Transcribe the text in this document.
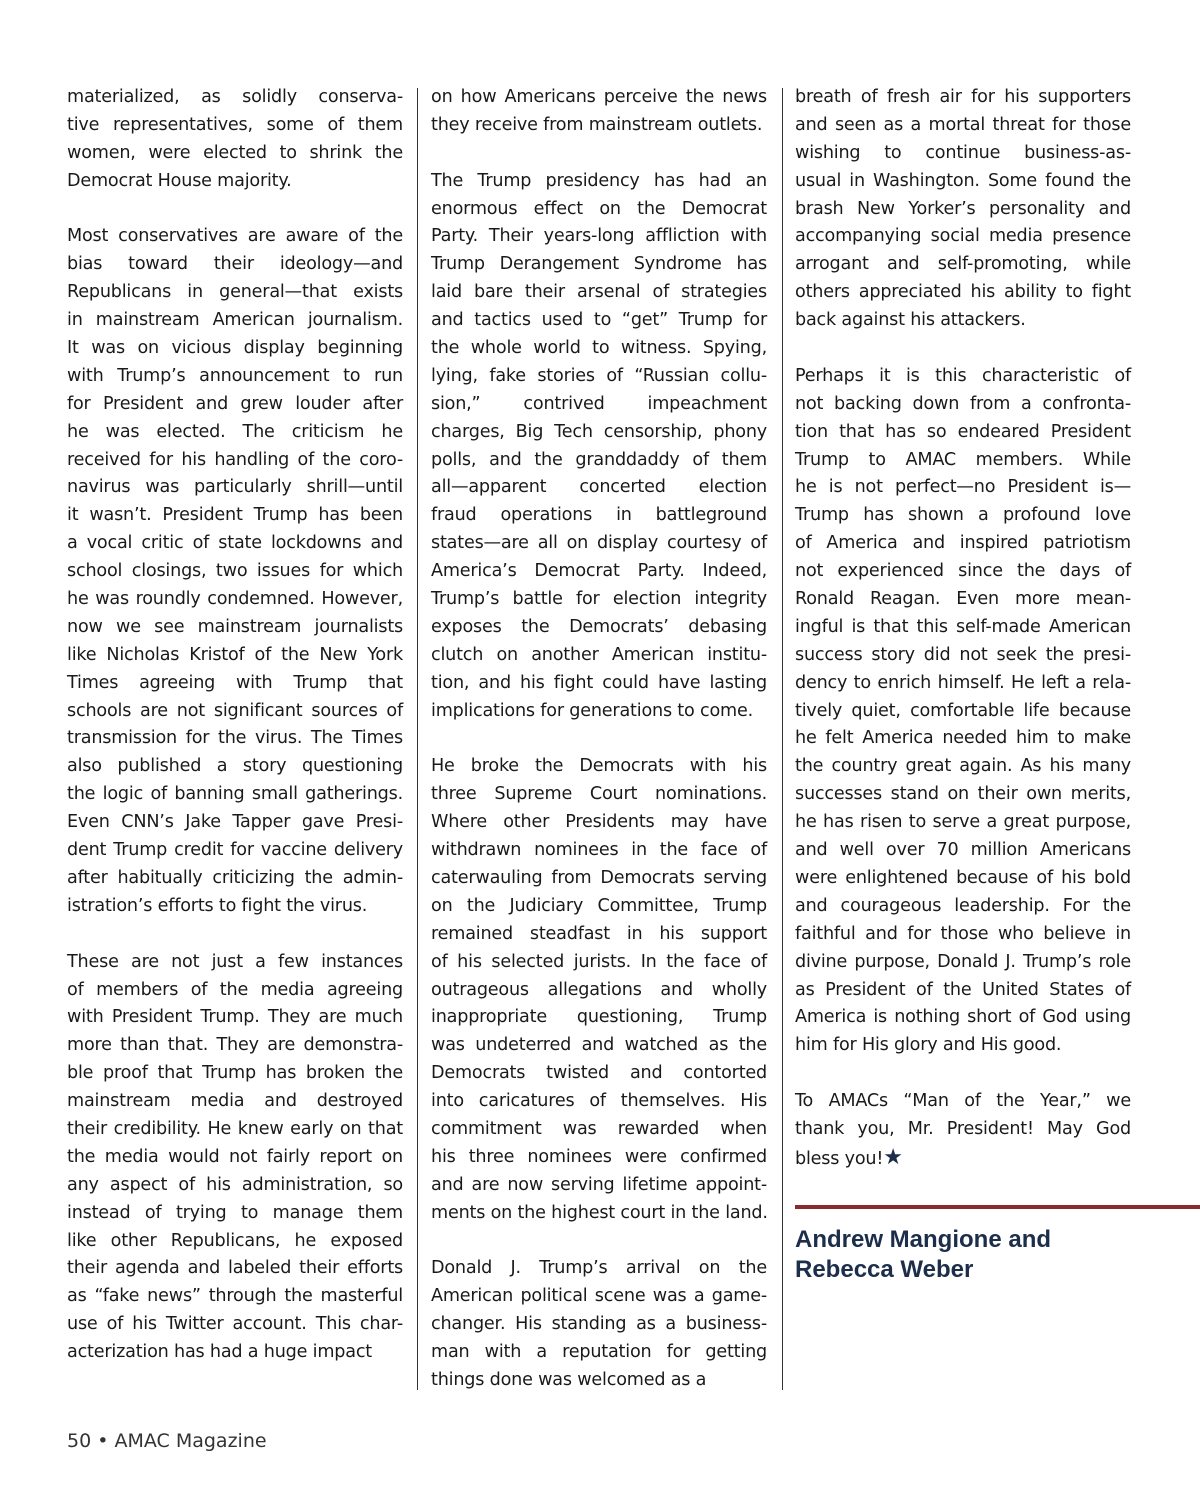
materialized, as solidly conserva-
tive representatives, some of them
women, were elected to shrink the
Democrat House majority.
Most conservatives are aware of the
bias toward their ideology—and
Republicans in general—that exists
in mainstream American journalism.
It was on vicious display beginning
with Trump’s announcement to run
for President and grew louder after
he was elected. The criticism he
received for his handling of the coro-
navirus was particularly shrill—until
it wasn’t. President Trump has been
a vocal critic of state lockdowns and
school closings, two issues for which
he was roundly condemned. However,
now we see mainstream journalists
like Nicholas Kristof of the New York
Times agreeing with Trump that
schools are not significant sources of
transmission for the virus. The Times
also published a story questioning
the logic of banning small gatherings.
Even CNN’s Jake Tapper gave Presi-
dent Trump credit for vaccine delivery
after habitually criticizing the admin-
istration’s efforts to fight the virus.
These are not just a few instances
of members of the media agreeing
with President Trump. They are much
more than that. They are demonstra-
ble proof that Trump has broken the
mainstream media and destroyed
their credibility. He knew early on that
the media would not fairly report on
any aspect of his administration, so
instead of trying to manage them
like other Republicans, he exposed
their agenda and labeled their efforts
as “fake news” through the masterful
use of his Twitter account. This char-
acterization has had a huge impact
on how Americans perceive the news
they receive from mainstream outlets.
The Trump presidency has had an
enormous effect on the Democrat
Party. Their years-long affliction with
Trump Derangement Syndrome has
laid bare their arsenal of strategies
and tactics used to “get” Trump for
the whole world to witness. Spying,
lying, fake stories of “Russian collu-
sion,” contrived impeachment
charges, Big Tech censorship, phony
polls, and the granddaddy of them
all—apparent concerted election
fraud operations in battleground
states—are all on display courtesy of
America’s Democrat Party. Indeed,
Trump’s battle for election integrity
exposes the Democrats’ debasing
clutch on another American institu-
tion, and his fight could have lasting
implications for generations to come.
He broke the Democrats with his
three Supreme Court nominations.
Where other Presidents may have
withdrawn nominees in the face of
caterwauling from Democrats serving
on the Judiciary Committee, Trump
remained steadfast in his support
of his selected jurists. In the face of
outrageous allegations and wholly
inappropriate questioning, Trump
was undeterred and watched as the
Democrats twisted and contorted
into caricatures of themselves. His
commitment was rewarded when
his three nominees were confirmed
and are now serving lifetime appoint-
ments on the highest court in the land.
Donald J. Trump’s arrival on the
American political scene was a game-
changer. His standing as a business-
man with a reputation for getting
things done was welcomed as a
breath of fresh air for his supporters
and seen as a mortal threat for those
wishing to continue business-as-
usual in Washington. Some found the
brash New Yorker’s personality and
accompanying social media presence
arrogant and self-promoting, while
others appreciated his ability to fight
back against his attackers.
Perhaps it is this characteristic of
not backing down from a confronta-
tion that has so endeared President
Trump to AMAC members. While
he is not perfect—no President is—
Trump has shown a profound love
of America and inspired patriotism
not experienced since the days of
Ronald Reagan. Even more mean-
ingful is that this self-made American
success story did not seek the presi-
dency to enrich himself. He left a rela-
tively quiet, comfortable life because
he felt America needed him to make
the country great again. As his many
successes stand on their own merits,
he has risen to serve a great purpose,
and well over 70 million Americans
were enlightened because of his bold
and courageous leadership. For the
faithful and for those who believe in
divine purpose, Donald J. Trump’s role
as President of the United States of
America is nothing short of God using
him for His glory and His good.
To AMACs “Man of the Year,” we
thank you, Mr. President! May God
bless you!★
Andrew Mangione and
Rebecca Weber
50 • AMAC Magazine
